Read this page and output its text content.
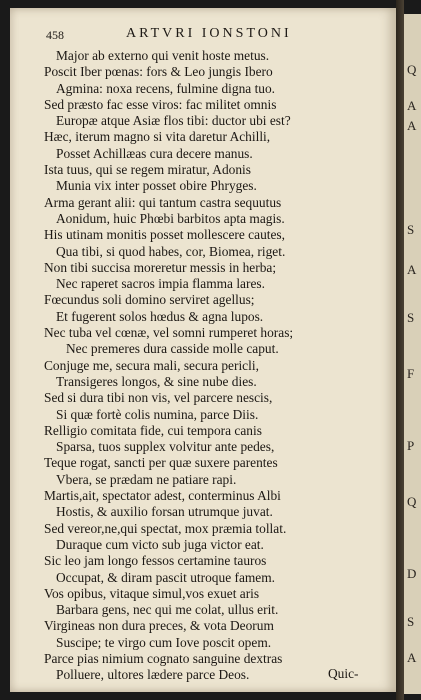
458	ARTVRI IONSTONI
Major ab externo qui venit hoste metus.
Poscit Iber pœnas: fors & Leo jungis Ibero
Agmina: noxa recens, fulmine digna tuo.
Sed præsto fac esse viros: fac militet omnis
Europæ atque Asiæ flos tibi: ductor ubi est?
Hæc, iterum magno si vita daretur Achilli,
Posset Achillæas cura decere manus.
Ista tuus, qui se regem miratur, Adonis
Munia vix inter posset obire Phryges.
Arma gerant alii: qui tantum castra sequutus
Aonidum, huic Phœbi barbitos apta magis.
His utinam monitis posset mollescere cautes,
Qua tibi, si quod habes, cor, Biomea, riget.
Non tibi succisa moreretur messis in herba;
Nec raperet sacros impia flamma lares.
Fœcundus soli domino serviret agellus;
Et fugerent solos hœdus & agna lupos.
Nec tuba vel cœnæ, vel somni rumperet horas;
Nec premeres dura casside molle caput.
Conjuge me, secura mali, secura pericli,
Transigeres longos, & sine nube dies.
Sed si dura tibi non vis, vel parcere nescis,
Si quæ fortè colis numina, parce Diis.
Relligio comitata fide, cui tempora canis
Sparsa, tuos supplex volvitur ante pedes,
Teque rogat, sancti per quæ suxere parentes
Vbera, se prædam ne patiare rapi.
Martis,ait, spectator adest, conterminus Albi
Hostis, & auxilio forsan utrumque juvat.
Sed vereor,ne,qui spectat, mox præmia tollat.
Duraque cum victo sub juga victor eat.
Sic leo jam longo fessos certamine tauros
Occupat, & diram pascit utroque famem.
Vos opibus, vitaque simul,vos exuet aris
Barbara gens, nec qui me colat, ullus erit.
Virgineas non dura preces, & vota Deorum
Suscipe; te virgo cum Iove poscit opem.
Parce pias nimium cognato sanguine dextras
Polluere, ultores lædere parce Deos.	Quic-
Q
A
A
S
A
S
F
P
Q
D
S
A
